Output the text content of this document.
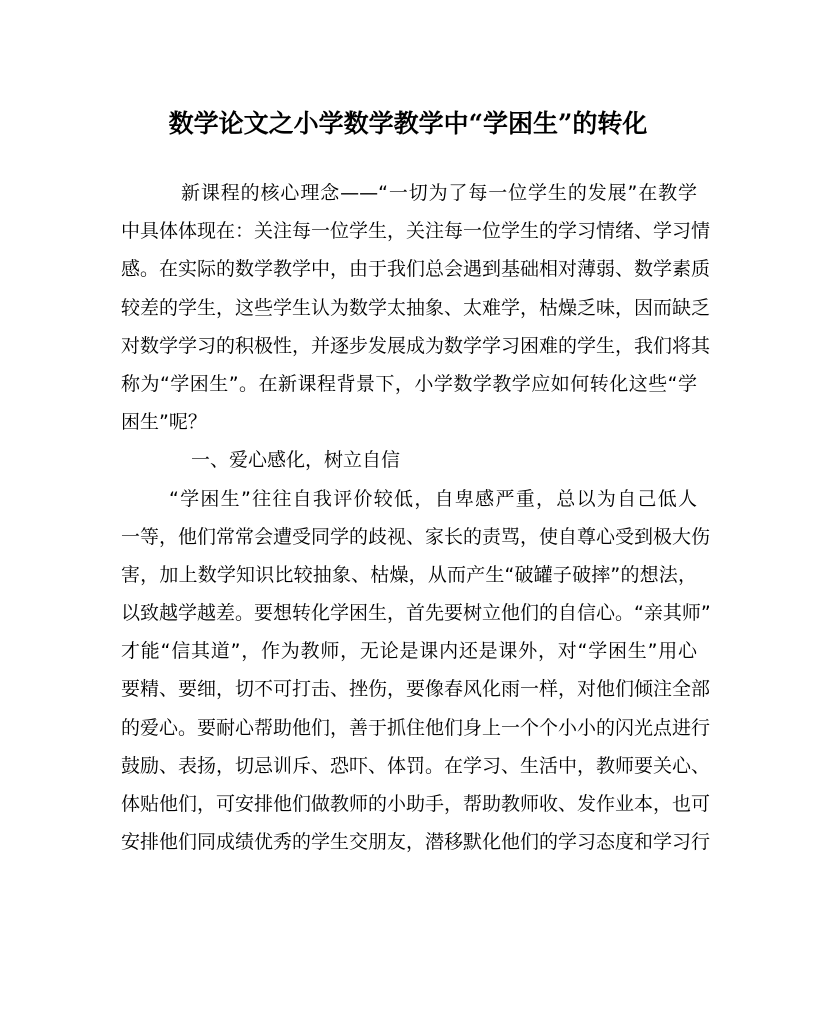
数学论文之小学数学教学中“学困生”的转化
新课程的核心理念——“一切为了每一位学生的发展”在教学
中具体体现在：关注每一位学生，关注每一位学生的学习情绪、学习情
感。在实际的数学教学中，由于我们总会遇到基础相对薄弱、数学素质
较差的学生，这些学生认为数学太抽象、太难学，枯燥乏味，因而缺乏
对数学学习的积极性，并逐步发展成为数学学习困难的学生，我们将其
称为“学困生”。在新课程背景下，小学数学教学应如何转化这些“学
困生”呢？
一、爱心感化，树立自信
“学困生”往往自我评价较低，自卑感严重，总以为自己低人
一等，他们常常会遭受同学的歧视、家长的责骂，使自尊心受到极大伤
害，加上数学知识比较抽象、枯燥，从而产生“破罐子破摔”的想法，
以致越学越差。要想转化学困生，首先要树立他们的自信心。“亲其师”
才能“信其道”，作为教师，无论是课内还是课外，对“学困生”用心
要精、要细，切不可打击、挫伤，要像春风化雨一样，对他们倾注全部
的爱心。要耐心帮助他们，善于抓住他们身上一个个小小的闪光点进行
鼓励、表扬，切忌训斥、恐吓、体罚。在学习、生活中，教师要关心、
体贴他们，可安排他们做教师的小助手，帮助教师收、发作业本，也可
安排他们同成绩优秀的学生交朋友，潜移默化他们的学习态度和学习行
